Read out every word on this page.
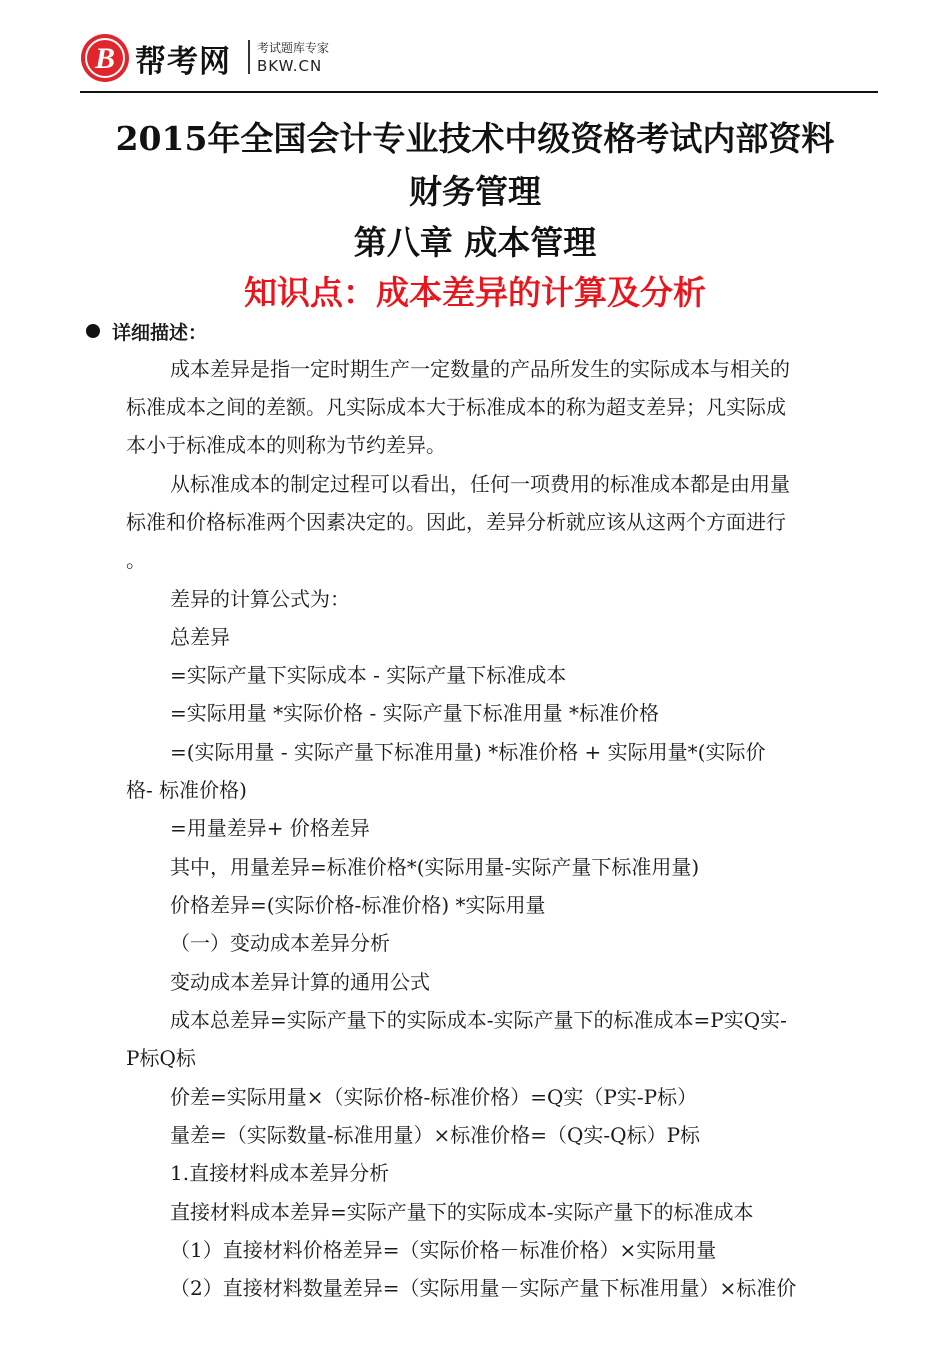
B 帮考网 考试题库专家
BKW.CN
2015年全国会计专业技术中级资格考试内部资料
财务管理
第八章 成本管理
知识点：成本差异的计算及分析
详细描述：
成本差异是指一定时期生产一定数量的产品所发生的实际成本与相关的
标准成本之间的差额。凡实际成本大于标准成本的称为超支差异；凡实际成
本小于标准成本的则称为节约差异。
从标准成本的制定过程可以看出，任何一项费用的标准成本都是由用量
标准和价格标准两个因素决定的。因此，差异分析就应该从这两个方面进行
。
差异的计算公式为：
总差异
=实际产量下实际成本 - 实际产量下标准成本
=实际用量 *实际价格 - 实际产量下标准用量 *标准价格
=(实际用量 - 实际产量下标准用量) *标准价格 + 实际用量*(实际价
格- 标准价格)
=用量差异+ 价格差异
其中，用量差异=标准价格*(实际用量-实际产量下标准用量)
价格差异=(实际价格-标准价格) *实际用量
（一）变动成本差异分析
变动成本差异计算的通用公式
成本总差异=实际产量下的实际成本-实际产量下的标准成本=P实Q实-
P标Q标
价差=实际用量×（实际价格-标准价格）=Q实（P实-P标）
量差=（实际数量-标准用量）×标准价格=（Q实-Q标）P标
1.直接材料成本差异分析
直接材料成本差异=实际产量下的实际成本-实际产量下的标准成本
（1）直接材料价格差异=（实际价格－标准价格）×实际用量
（2）直接材料数量差异=（实际用量－实际产量下标准用量）×标准价
